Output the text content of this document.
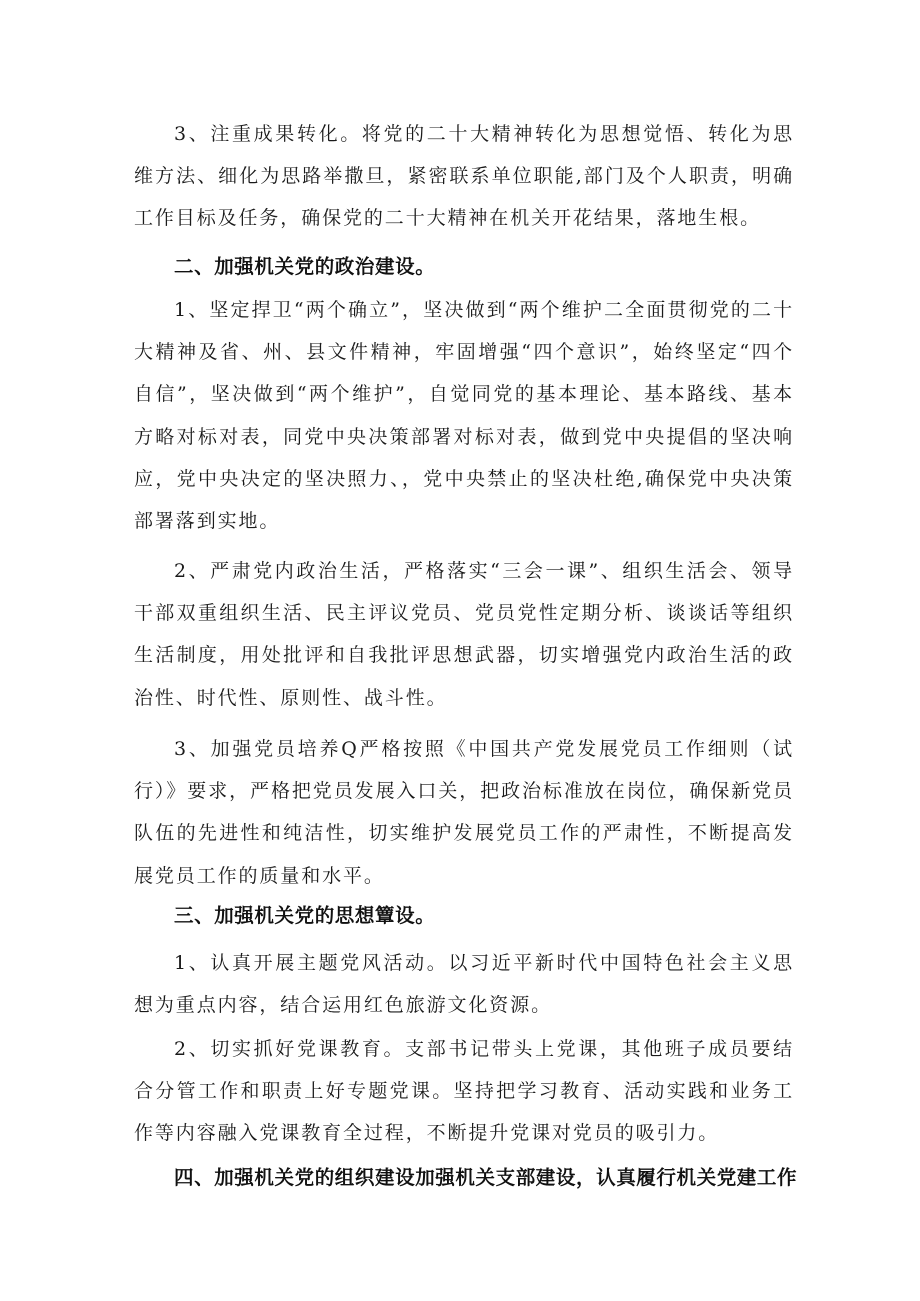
3、注重成果转化。将党的二十大精神转化为思想觉悟、转化为思维方法、细化为思路举撒旦，紧密联系单位职能,部门及个人职责，明确工作目标及任务，确保党的二十大精神在机关开花结果，落地生根。

二、加强机关党的政治建设。

1、坚定捍卫“两个确立”，坚决做到“两个维护二全面贯彻党的二十大精神及省、州、县文件精神，牢固增强“四个意识”，始终坚定“四个自信”，坚决做到“两个维护”，自觉同党的基本理论、基本路线、基本方略对标对表，同党中央决策部署对标对表，做到党中央提倡的坚决响应，党中央决定的坚决照力、，党中央禁止的坚决杜绝,确保党中央决策部署落到实地。

2、严肃党内政治生活，严格落实“三会一课”、组织生活会、领导干部双重组织生活、民主评议党员、党员党性定期分析、谈谈话等组织生活制度，用处批评和自我批评思想武器，切实增强党内政治生活的政治性、时代性、原则性、战斗性。

3、加强党员培养Q严格按照《中国共产党发展党员工作细则（试行）》要求，严格把党员发展入口关，把政治标准放在岗位，确保新党员队伍的先进性和纯洁性，切实维护发展党员工作的严肃性，不断提高发展党员工作的质量和水平。

三、加强机关党的思想簟设。

1、认真开展主题党风活动。以习近平新时代中国特色社会主义思想为重点内容，结合运用红色旅游文化资源。

2、切实抓好党课教育。支部书记带头上党课，其他班子成员要结合分管工作和职责上好专题党课。坚持把学习教育、活动实践和业务工作等内容融入党课教育全过程，不断提升党课对党员的吸引力。

四、加强机关党的组织建设加强机关支部建设，认真履行机关党建工作
